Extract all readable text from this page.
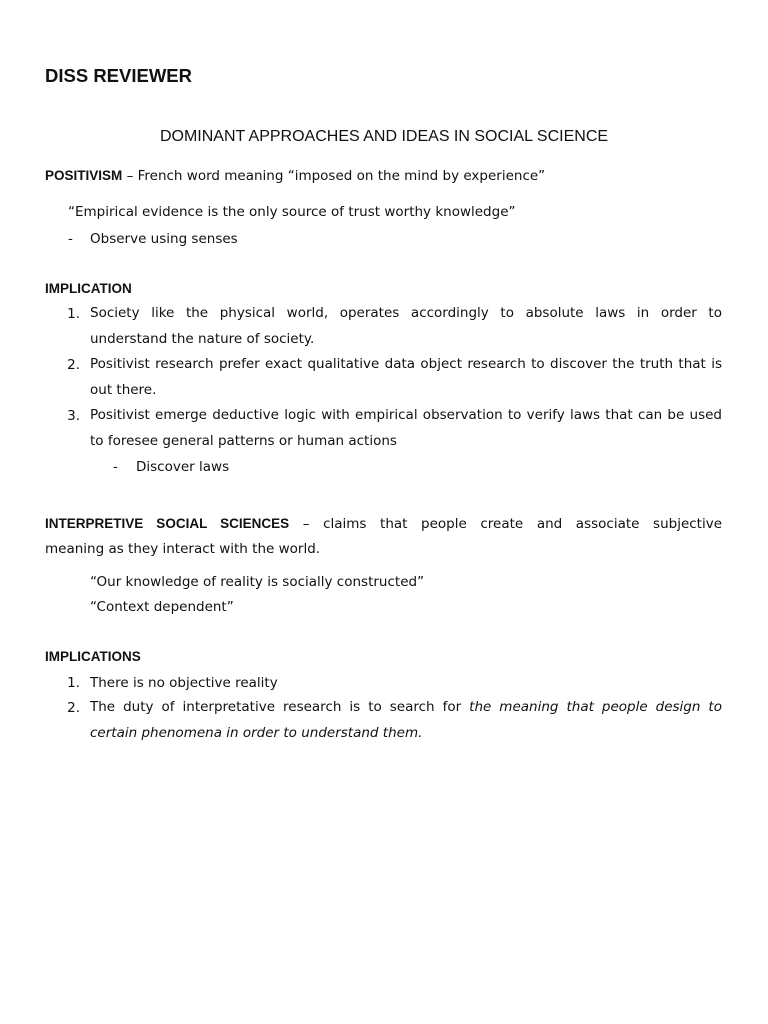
DISS REVIEWER
DOMINANT APPROACHES AND IDEAS IN SOCIAL SCIENCE
POSITIVISM – French word meaning “imposed on the mind by experience”
“Empirical evidence is the only source of trust worthy knowledge”
- Observe using senses
IMPLICATION
1. Society like the physical world, operates accordingly to absolute laws in order to
understand the nature of society.
2. Positivist research prefer exact qualitative data object research to discover the truth that is
out there.
3. Positivist emerge deductive logic with empirical observation to verify laws that can be used
to foresee general patterns or human actions
- Discover laws
INTERPRETIVE SOCIAL SCIENCES – claims that people create and associate subjective
meaning as they interact with the world.
“Our knowledge of reality is socially constructed”
“Context dependent”
IMPLICATIONS
1. There is no objective reality
2. The duty of interpretative research is to search for the meaning that people design to
certain phenomena in order to understand them.
